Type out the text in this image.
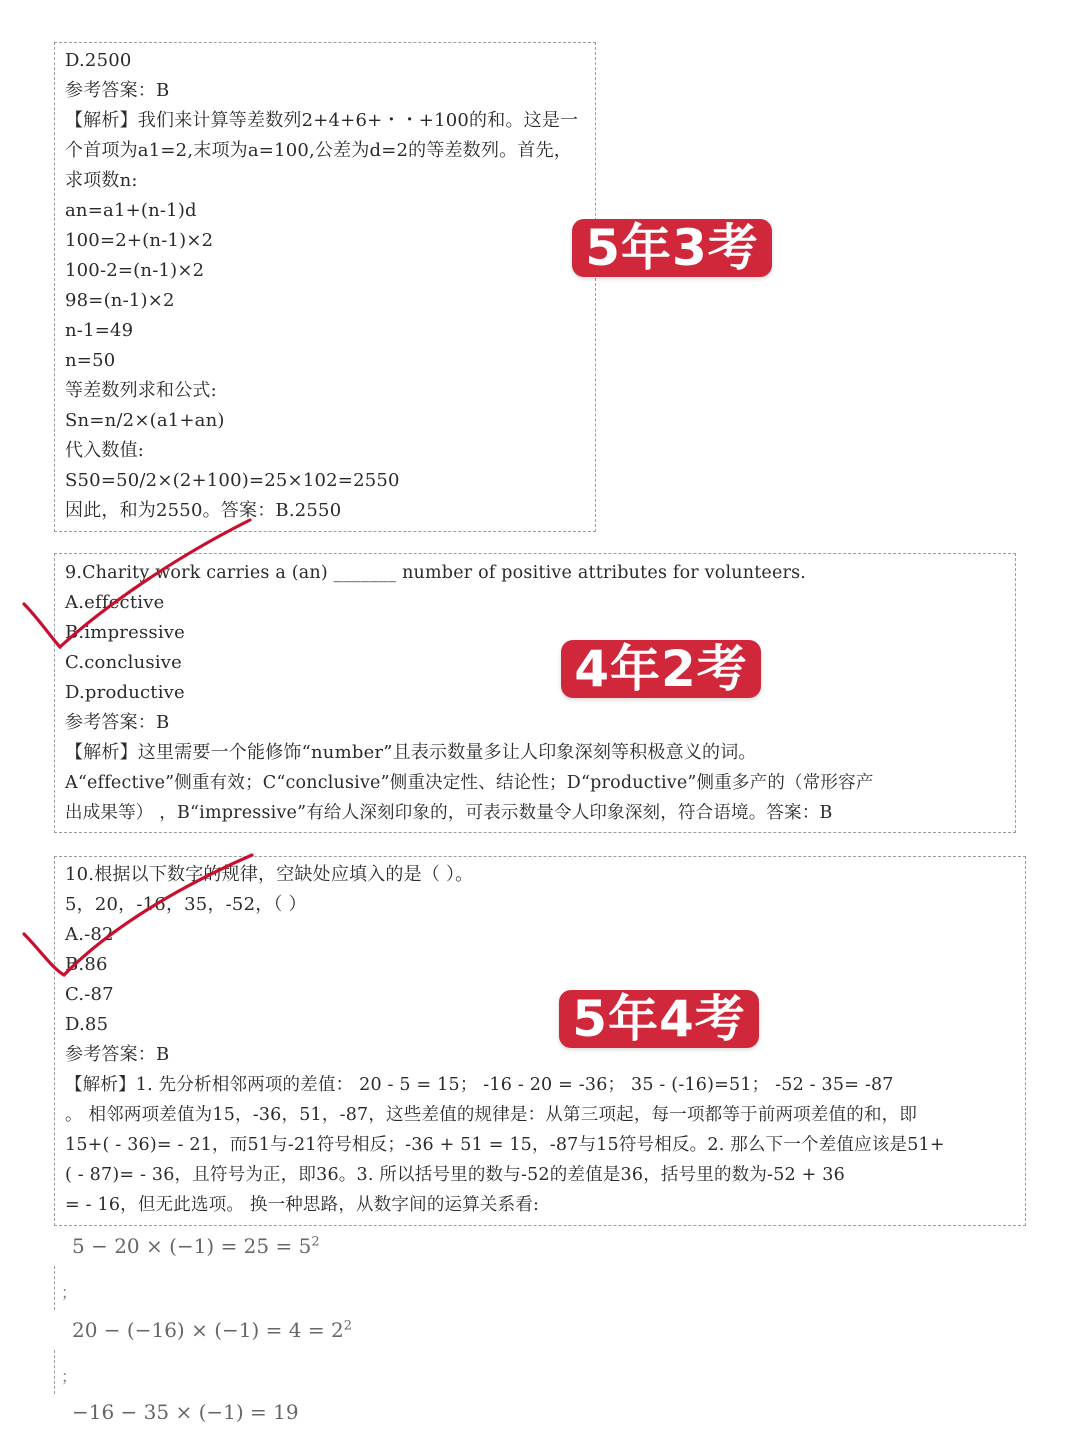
D.2500
参考答案：B
【解析】我们来计算等差数列2+4+6+・・+100的和。这是一
个首项为a1=2,末项为a=100,公差为d=2的等差数列。首先，
求项数n:
an=a1+(n-1)d
100=2+(n-1)×2
100-2=(n-1)×2
98=(n-1)×2
n-1=49
n=50
等差数列求和公式:
Sn=n/2×(a1+an)
代入数值:
S50=50/2×(2+100)=25×102=2550
因此，和为2550。答案：B.2550
5年3考
9.Charity work carries a (an) _______ number of positive attributes for volunteers.
A.effective
B.impressive
C.conclusive
D.productive
参考答案：B
【解析】这里需要一个能修饰“number”且表示数量多让人印象深刻等积极意义的词。
A“effective”侧重有效；C“conclusive”侧重决定性、结论性；D“productive”侧重多产的（常形容产
出成果等） ，B“impressive”有给人深刻印象的，可表示数量令人印象深刻，符合语境。答案：B
4年2考
10.根据以下数字的规律，空缺处应填入的是（ ）。
5，20，-16，35，-52，（ ）
A.-82
B.86
C.-87
D.85
参考答案：B
【解析】1. 先分析相邻两项的差值： 20 - 5 = 15； -16 - 20 = -36； 35 - (-16)=51； -52 - 35= -87
。 相邻两项差值为15，-36，51，-87，这些差值的规律是：从第三项起，每一项都等于前两项差值的和，即
15+( - 36)= - 21，而51与-21符号相反；-36 + 51 = 15，-87与15符号相反。2. 那么下一个差值应该是51+
( - 87)= - 36，且符号为正，即36。3. 所以括号里的数与-52的差值是36，括号里的数为-52 + 36
= - 16，但无此选项。 换一种思路，从数字间的运算关系看:
5年4考
$5 - 20 \times (-1) = 25 = 5^2$
；
$20 - (-16) \times (-1) = 4 = 2^2$
；
−16 − 35 × (−1) = 19
